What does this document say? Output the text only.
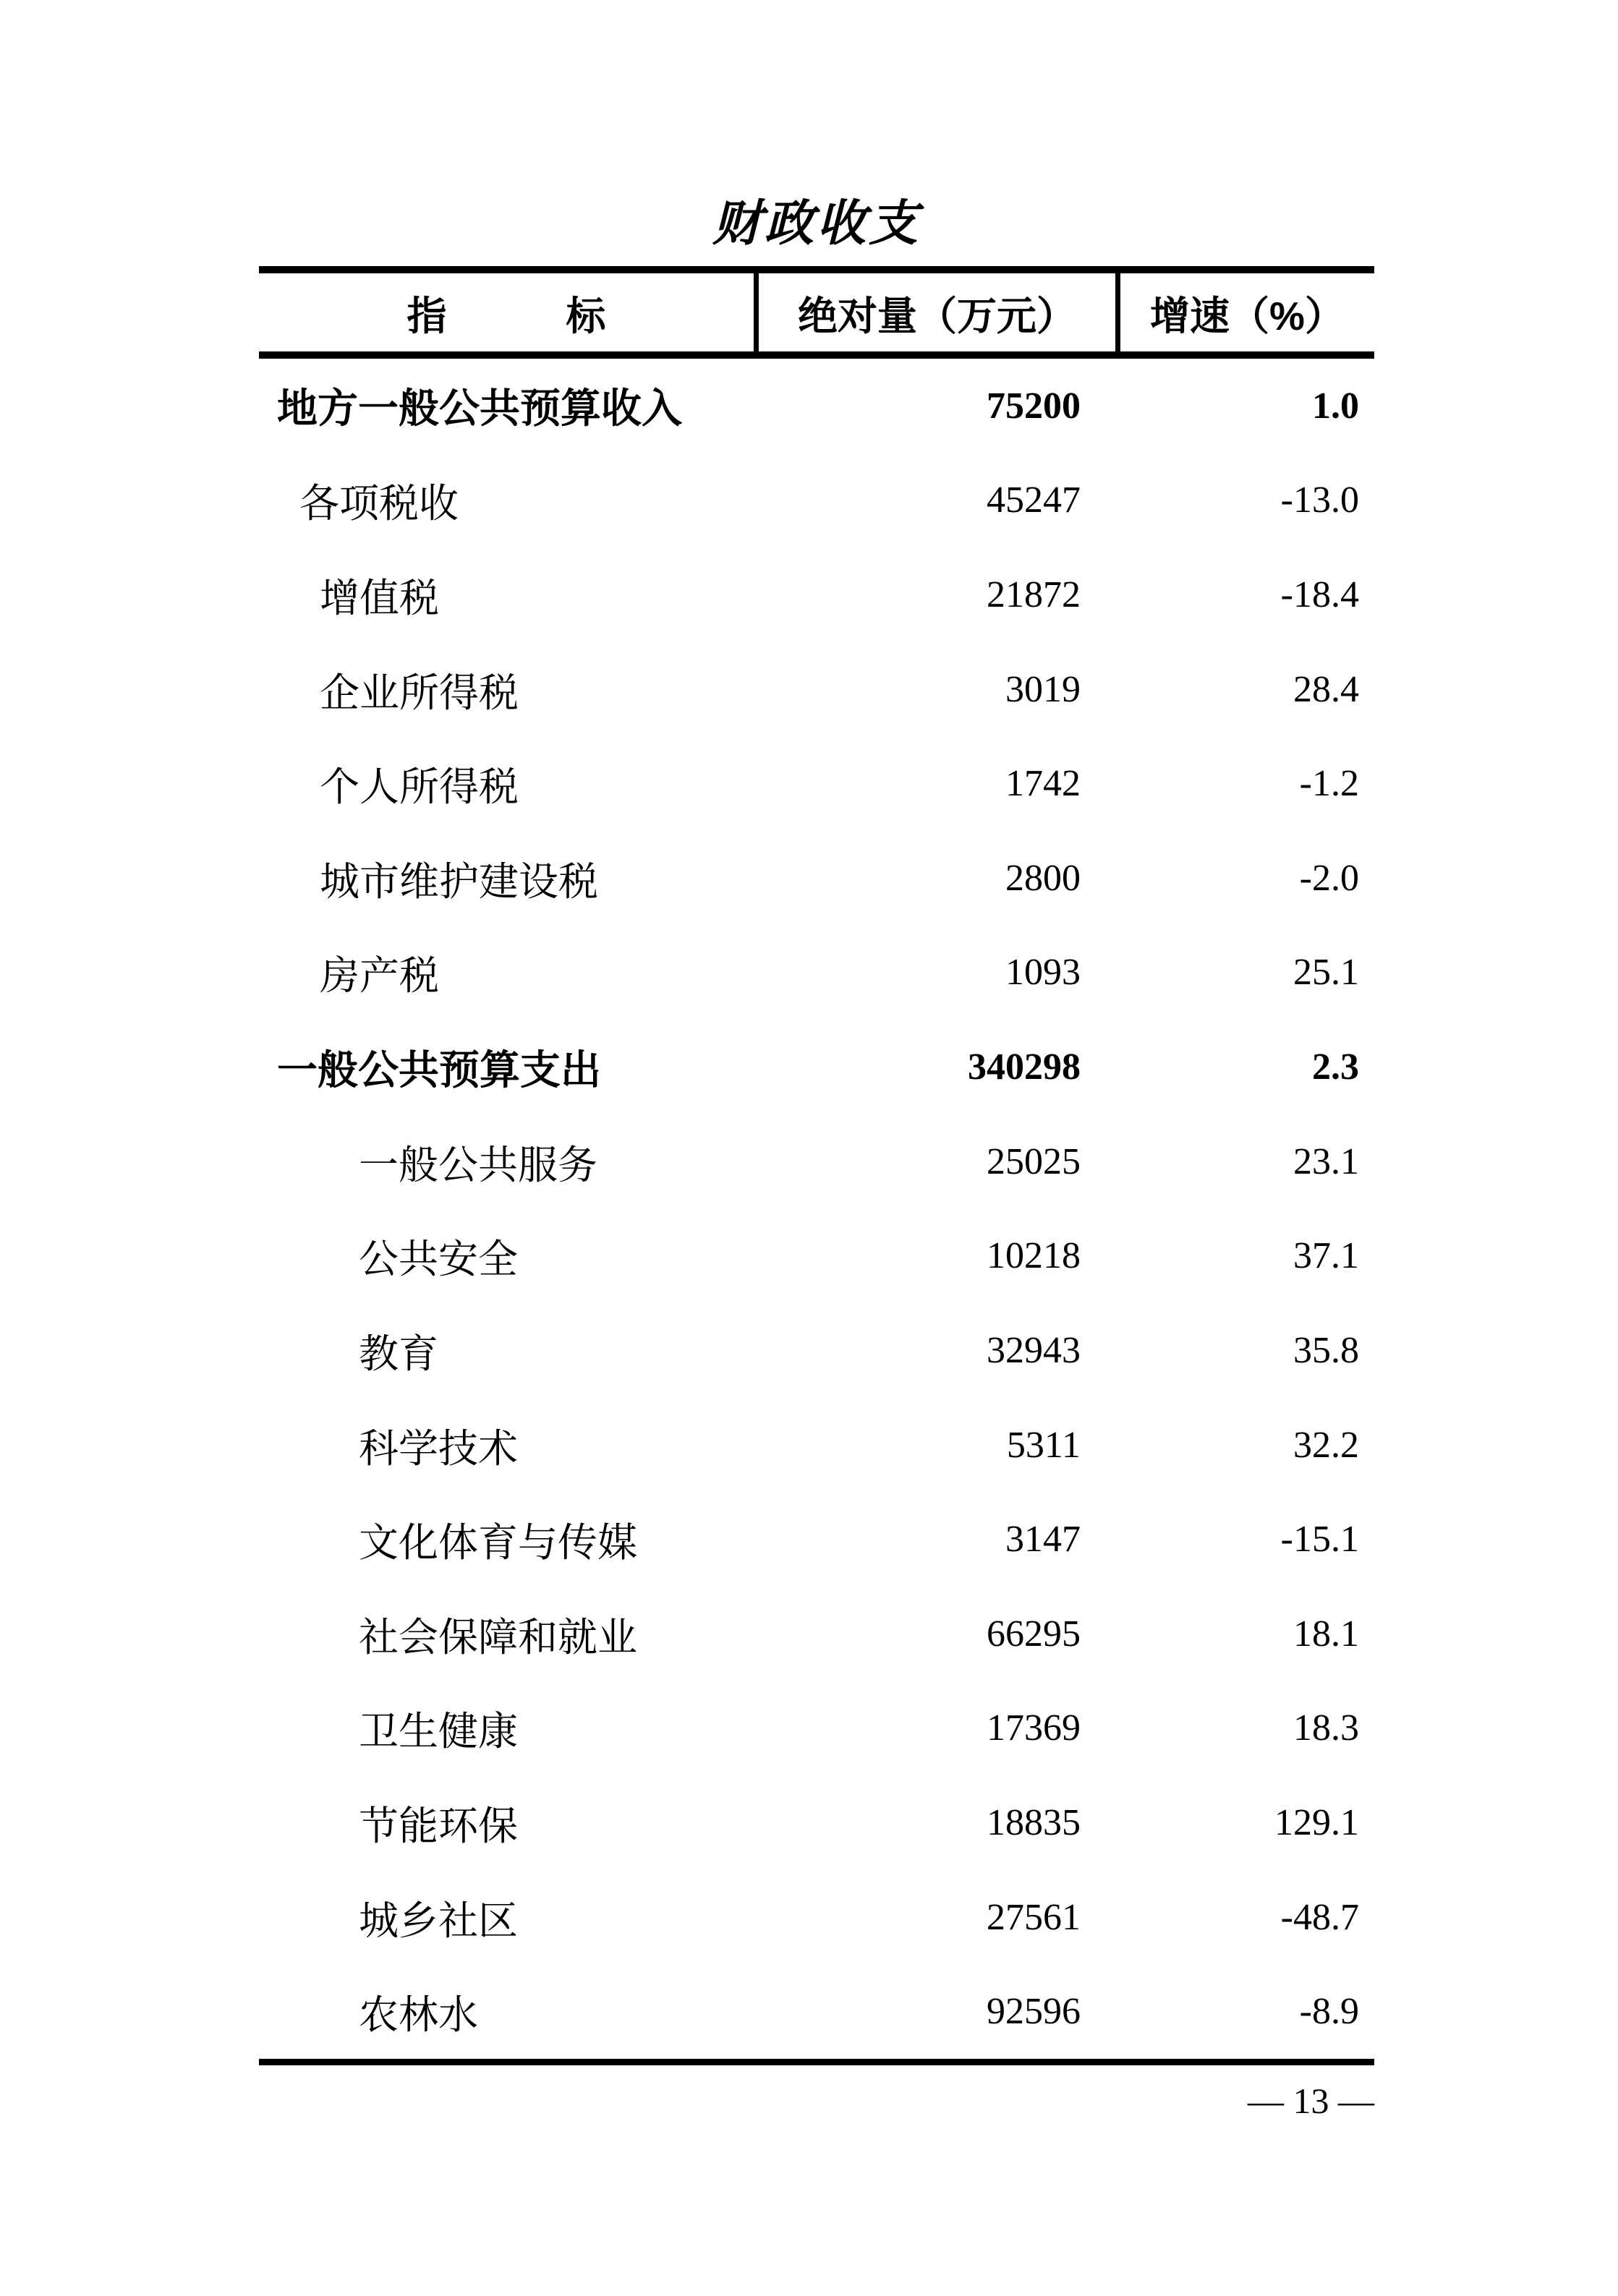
财政收支
指　　　标	绝对量（万元）	增速（%）
地方一般公共预算收入	75200	1.0
各项税收	45247	-13.0
增值税	21872	-18.4
企业所得税	3019	28.4
个人所得税	1742	-1.2
城市维护建设税	2800	-2.0
房产税	1093	25.1
一般公共预算支出	340298	2.3
一般公共服务	25025	23.1
公共安全	10218	37.1
教育	32943	35.8
科学技术	5311	32.2
文化体育与传媒	3147	-15.1
社会保障和就业	66295	18.1
卫生健康	17369	18.3
节能环保	18835	129.1
城乡社区	27561	-48.7
农林水	92596	-8.9
— 13 —
